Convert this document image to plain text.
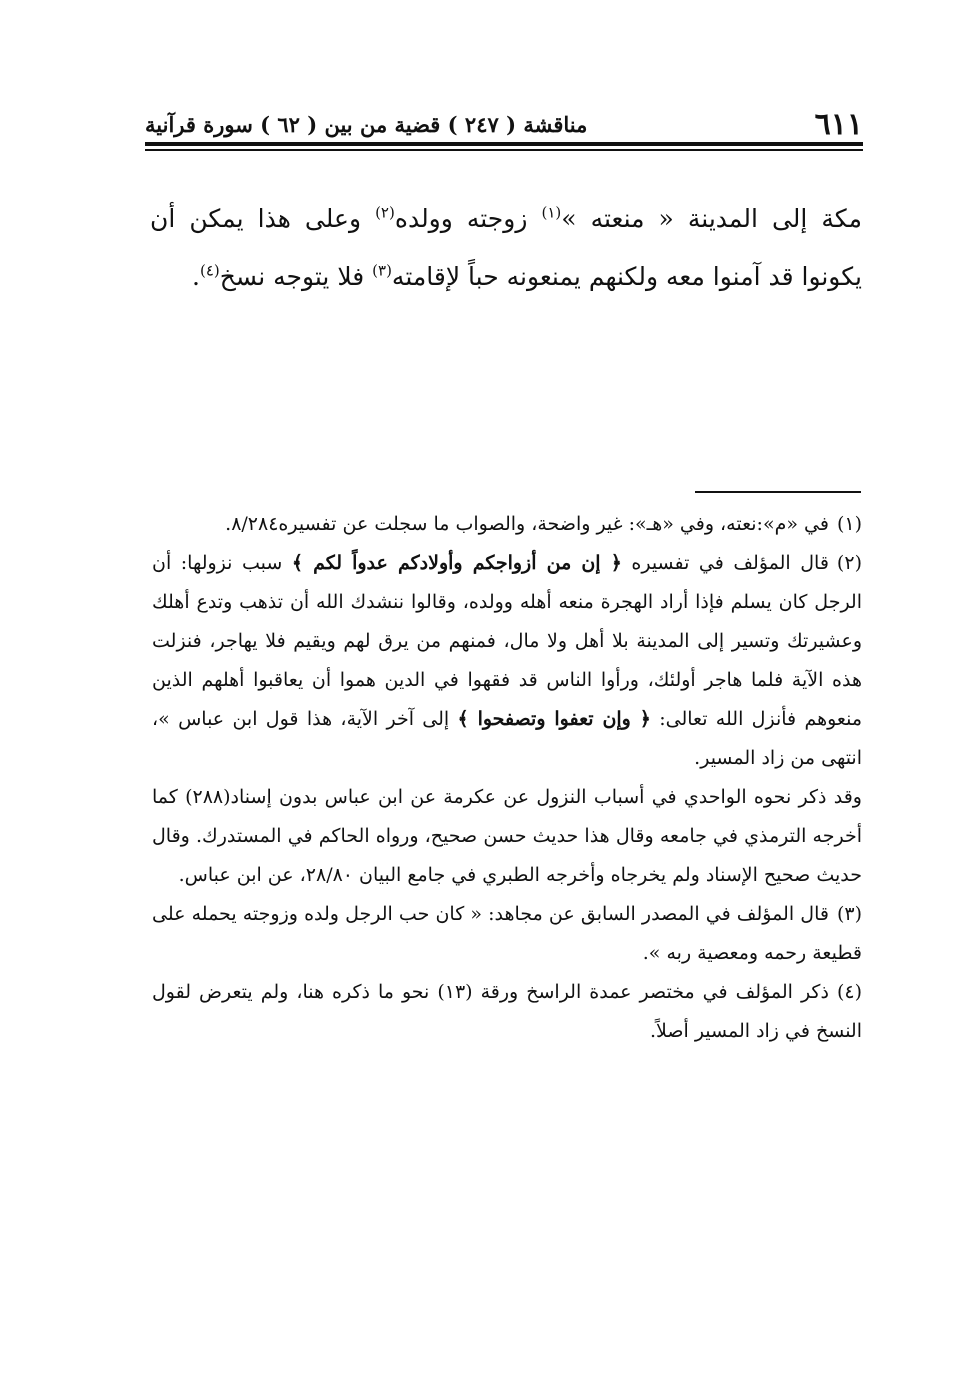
٦١١
مناقشة ( ٢٤٧ ) قضية من بين ( ٦٢ ) سورة قرآنية

مكة إلى المدينة « منعته »$^{(١)}$ زوجته وولده$^{(٢)}$ وعلى هذا يمكن أن يكونوا قد آمنوا معه ولكنهم يمنعونه حباً لإقامته$^{(٣)}$ فلا يتوجه نسخ$^{(٤)}$.

(١)في «م»:نعته، وفي «هـ»: غير واضحة، والصواب ما سجلت عن تفسيره٨/٢٨٤.

(٢)قال المؤلف في تفسيره ﴿ إن من أزواجكم وأولادكم عدواً لكم ﴾ سبب نزولها: أن الرجل كان يسلم فإذا أراد الهجرة منعه أهله وولده، وقالوا ننشدك الله أن تذهب وتدع أهلك وعشيرتك وتسير إلى المدينة بلا أهل ولا مال، فمنهم من يرق لهم ويقيم فلا يهاجر، فنزلت هذه الآية فلما هاجر أولئك، ورأوا الناس قد فقهوا في الدين هموا أن يعاقبوا أهلهم الذين منعوهم فأنزل الله تعالى: ﴿ وإن تعفوا وتصفحوا ﴾ إلى آخر الآية، هذا قول ابن عباس »، انتهى من زاد المسير.

وقد ذكر نحوه الواحدي في أسباب النزول عن عكرمة عن ابن عباس بدون إسناد(٢٨٨) كما أخرجه الترمذي في جامعه وقال هذا حديث حسن صحيح، ورواه الحاكم في المستدرك. وقال حديث صحيح الإسناد ولم يخرجاه وأخرجه الطبري في جامع البيان ٢٨/٨٠، عن ابن عباس.

(٣)قال المؤلف في المصدر السابق عن مجاهد: « كان حب الرجل ولده وزوجته يحمله على قطيعة رحمه ومعصية ربه ».

(٤)ذكر المؤلف في مختصر عمدة الراسخ ورقة (١٣) نحو ما ذكره هنا، ولم يتعرض لقول النسخ في زاد المسير أصلاً.
